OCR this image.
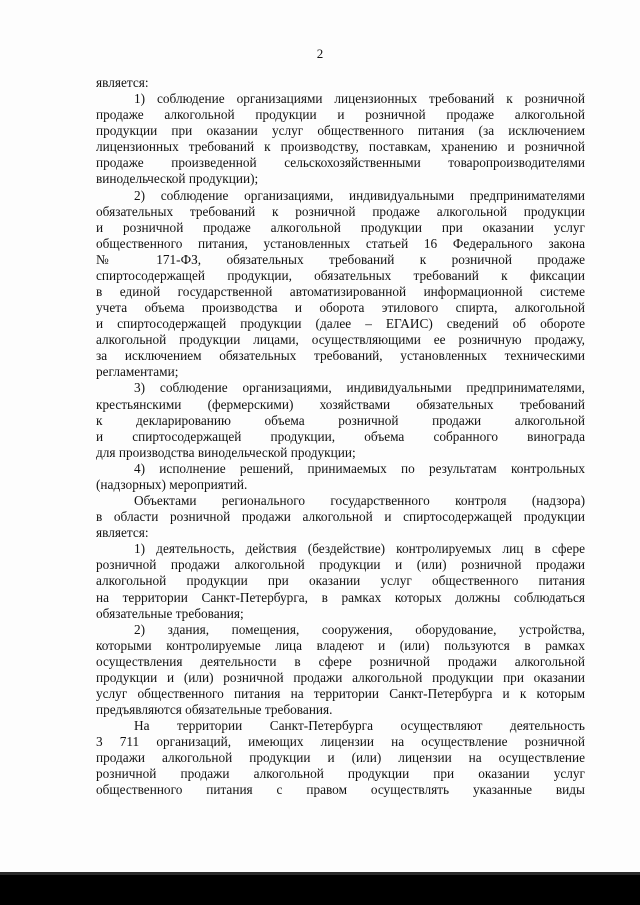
2

является:

1) соблюдение организациями лицензионных требований к розничной

продаже алкогольной продукции и розничной продаже алкогольной

продукции при оказании услуг общественного питания (за исключением

лицензионных требований к производству, поставкам, хранению и розничной

продаже произведенной сельскохозяйственными товаропроизводителями

винодельческой продукции);

2) соблюдение организациями, индивидуальными предпринимателями

обязательных требований к розничной продаже алкогольной продукции

и розничной продаже алкогольной продукции при оказании услуг

общественного питания, установленных статьей 16 Федерального закона

№ 171-ФЗ, обязательных требований к розничной продаже

спиртосодержащей продукции, обязательных требований к фиксации

в единой государственной автоматизированной информационной системе

учета объема производства и оборота этилового спирта, алкогольной

и спиртосодержащей продукции (далее – ЕГАИС) сведений об обороте

алкогольной продукции лицами, осуществляющими ее розничную продажу,

за исключением обязательных требований, установленных техническими

регламентами;

3) соблюдение организациями, индивидуальными предпринимателями,

крестьянскими (фермерскими) хозяйствами обязательных требований

к декларированию объема розничной продажи алкогольной

и спиртосодержащей продукции, объема собранного винограда

для производства винодельческой продукции;

4) исполнение решений, принимаемых по результатам контрольных

(надзорных) мероприятий.

Объектами регионального государственного контроля (надзора)

в области розничной продажи алкогольной и спиртосодержащей продукции

является:

1) деятельность, действия (бездействие) контролируемых лиц в сфере

розничной продажи алкогольной продукции и (или) розничной продажи

алкогольной продукции при оказании услуг общественного питания

на территории Санкт-Петербурга, в рамках которых должны соблюдаться

обязательные требования;

2) здания, помещения, сооружения, оборудование, устройства,

которыми контролируемые лица владеют и (или) пользуются в рамках

осуществления деятельности в сфере розничной продажи алкогольной

продукции и (или) розничной продажи алкогольной продукции при оказании

услуг общественного питания на территории Санкт-Петербурга и к которым

предъявляются обязательные требования.

На территории Санкт-Петербурга осуществляют деятельность

3 711 организаций, имеющих лицензии на осуществление розничной

продажи алкогольной продукции и (или) лицензии на осуществление

розничной продажи алкогольной продукции при оказании услуг

общественного питания с правом осуществлять указанные виды
